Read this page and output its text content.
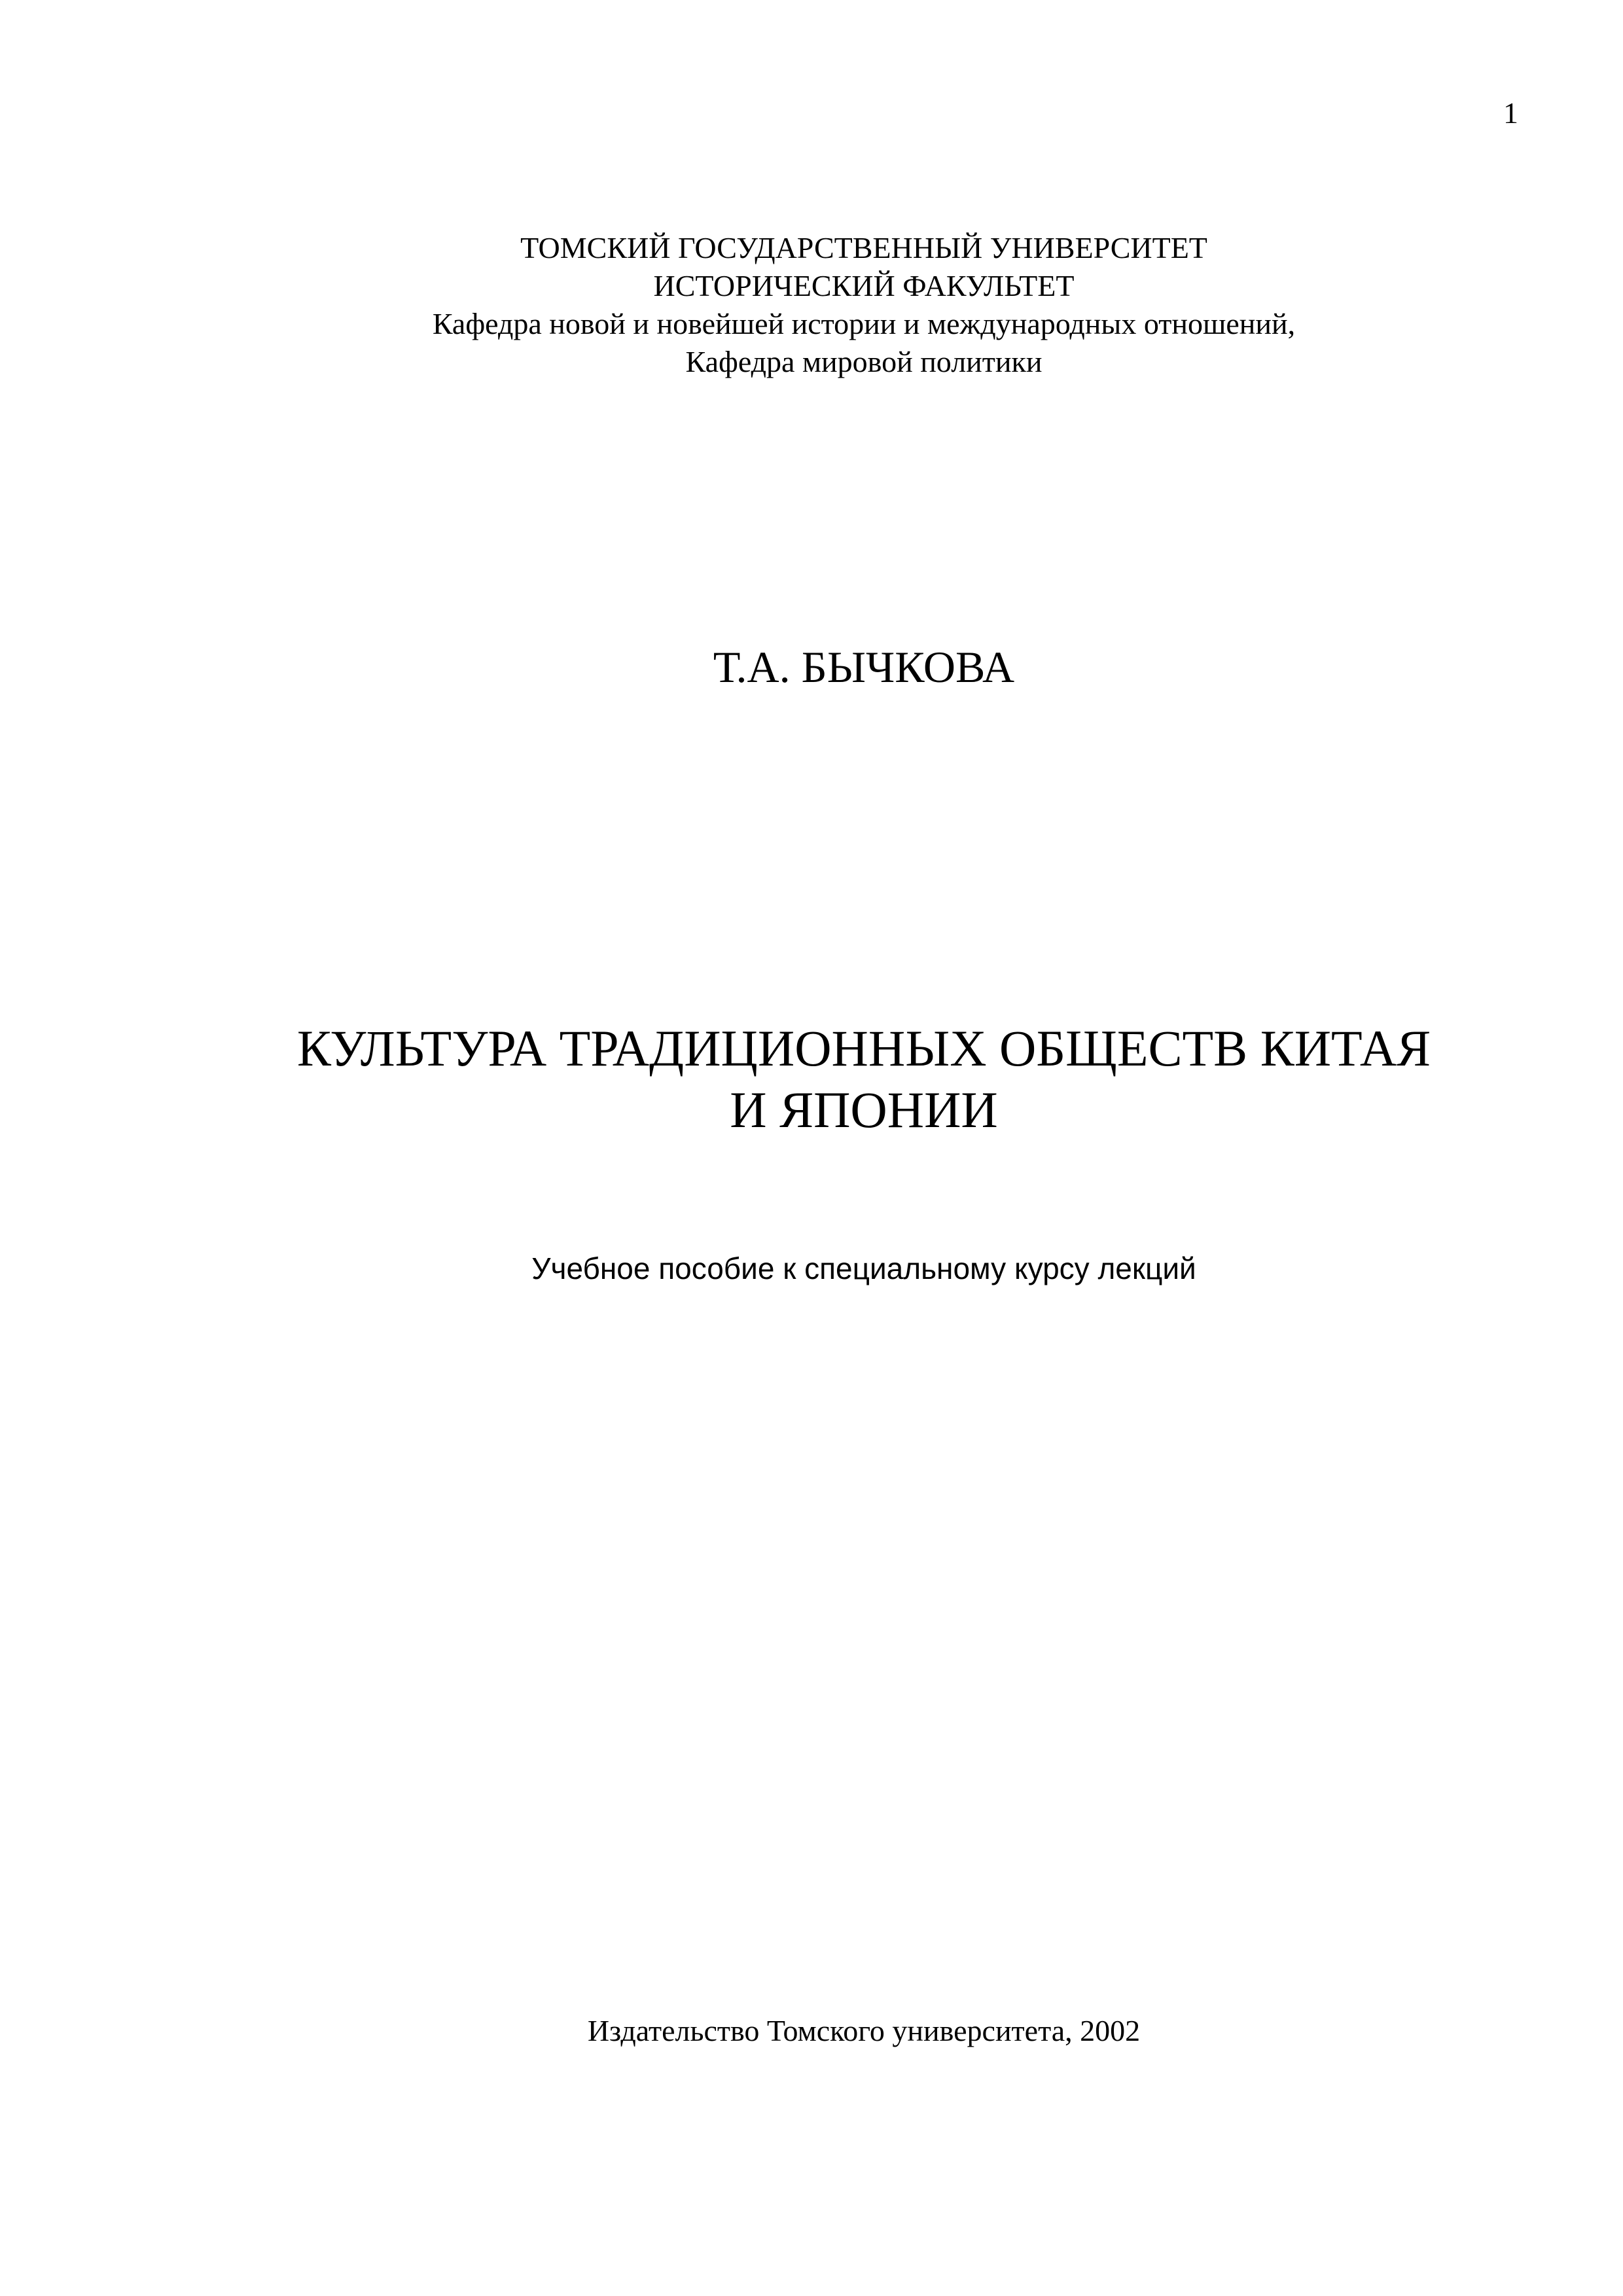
1
ТОМСКИЙ ГОСУДАРСТВЕННЫЙ УНИВЕРСИТЕТ
ИСТОРИЧЕСКИЙ ФАКУЛЬТЕТ
Кафедра новой и новейшей истории и международных отношений,
Кафедра мировой политики
Т.А. БЫЧКОВА
КУЛЬТУРА ТРАДИЦИОННЫХ ОБЩЕСТВ КИТАЯ
И ЯПОНИИ
Учебное пособие к специальному курсу лекций
Издательство Томского университета, 2002
